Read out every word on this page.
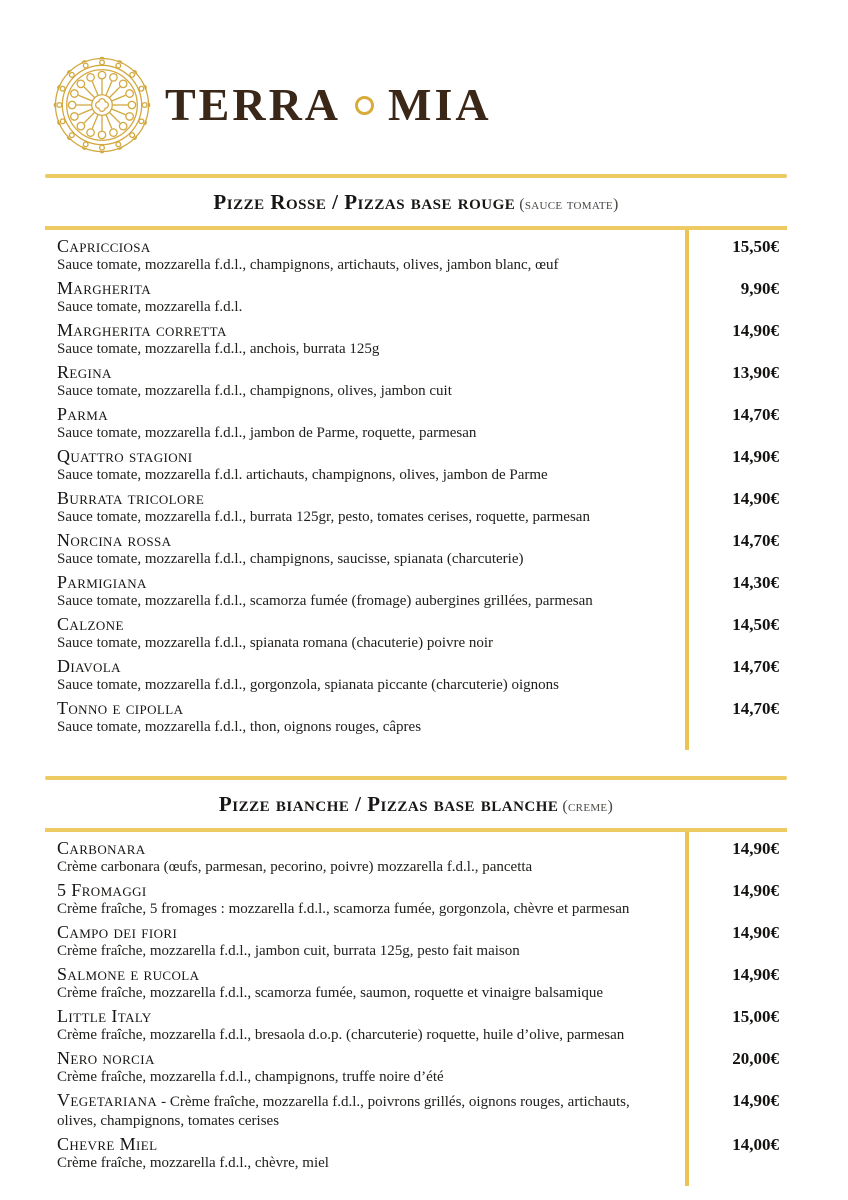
TERRA MIA
Pizze Rosse / Pizzas base rouge (sauce tomate)
Capricciosa
Sauce tomate, mozzarella f.d.l., champignons, artichauts, olives, jambon blanc, œuf
15,50€
Margherita
Sauce tomate, mozzarella f.d.l.
9,90€
Margherita corretta
Sauce tomate, mozzarella f.d.l., anchois, burrata 125g
14,90€
Regina
Sauce tomate, mozzarella f.d.l., champignons, olives, jambon cuit
13,90€
Parma
Sauce tomate, mozzarella f.d.l., jambon de Parme, roquette, parmesan
14,70€
Quattro stagioni
Sauce tomate, mozzarella f.d.l. artichauts, champignons, olives, jambon de Parme
14,90€
Burrata tricolore
Sauce tomate, mozzarella f.d.l., burrata 125gr, pesto, tomates cerises, roquette, parmesan
14,90€
Norcina rossa
Sauce tomate, mozzarella f.d.l., champignons, saucisse, spianata (charcuterie)
14,70€
Parmigiana
Sauce tomate, mozzarella f.d.l., scamorza fumée (fromage) aubergines grillées, parmesan
14,30€
Calzone
Sauce tomate, mozzarella f.d.l., spianata romana (chacuterie) poivre noir
14,50€
Diavola
Sauce tomate, mozzarella f.d.l., gorgonzola, spianata piccante (charcuterie) oignons
14,70€
Tonno e cipolla
Sauce tomate, mozzarella f.d.l., thon, oignons rouges, câpres
14,70€
Pizze bianche / Pizzas base blanche (creme)
Carbonara
Crème carbonara (œufs, parmesan, pecorino, poivre) mozzarella f.d.l., pancetta
14,90€
5 Fromaggi
Crème fraîche, 5 fromages : mozzarella f.d.l., scamorza fumée, gorgonzola, chèvre et parmesan
14,90€
Campo dei fiori
Crème fraîche, mozzarella f.d.l., jambon cuit, burrata 125g, pesto fait maison
14,90€
Salmone e rucola
Crème fraîche, mozzarella f.d.l., scamorza fumée, saumon, roquette et vinaigre balsamique
14,90€
Little Italy
Crème fraîche, mozzarella f.d.l., bresaola d.o.p. (charcuterie) roquette, huile d’olive, parmesan
15,00€
Nero norcia
Crème fraîche, mozzarella f.d.l., champignons, truffe noire d’été
20,00€
Vegetariana - Crème fraîche, mozzarella f.d.l., poivrons grillés, oignons rouges, artichauts, olives, champignons, tomates cerises
14,90€
Chevre Miel
Crème fraîche, mozzarella f.d.l., chèvre, miel
14,00€
